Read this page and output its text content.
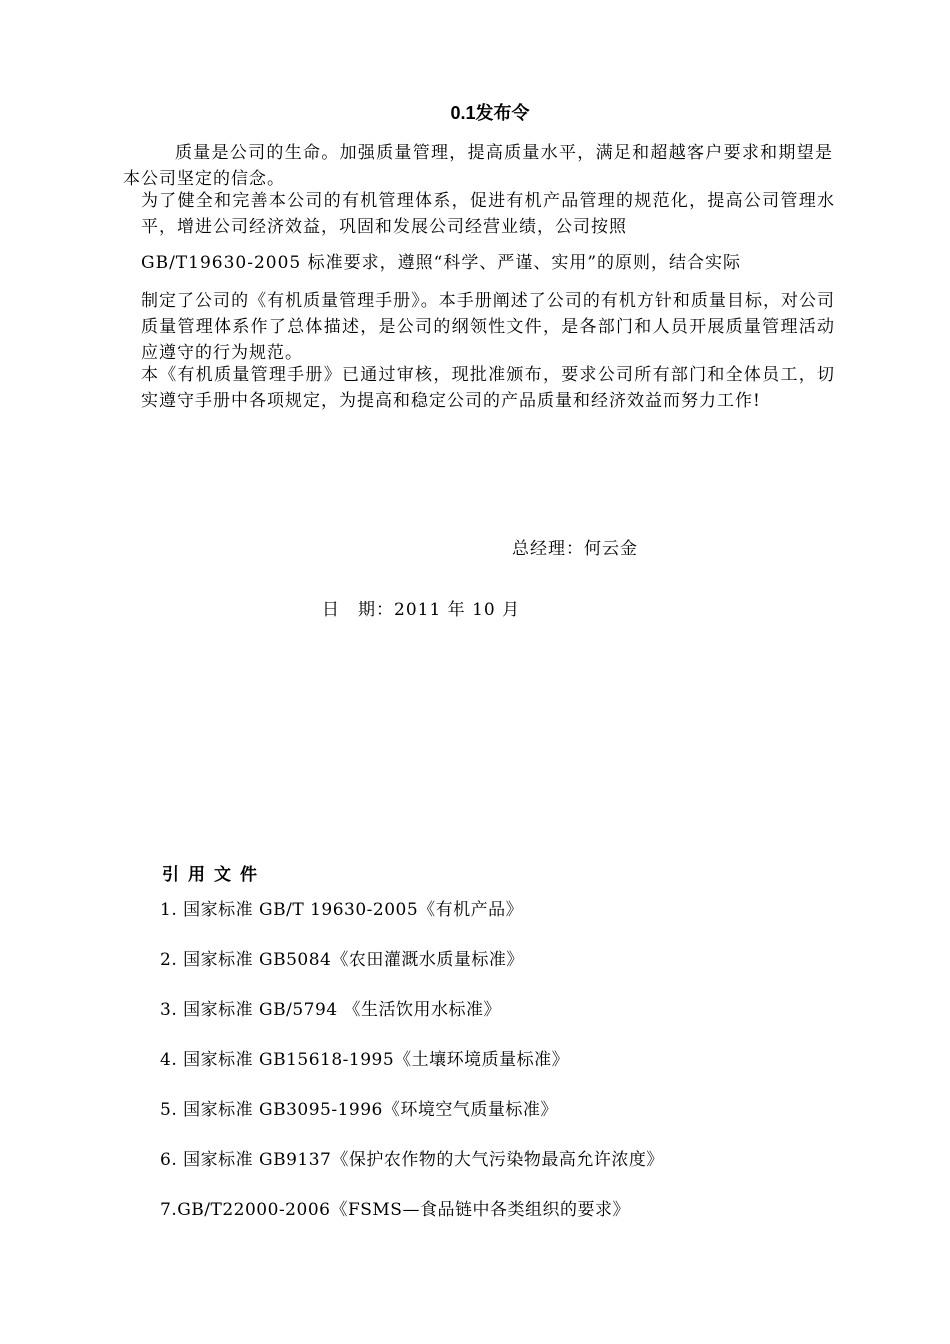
0.1发布令

质量是公司的生命。加强质量管理，提高质量水平，满足和超越客户要求和期望是本公司坚定的信念。

为了健全和完善本公司的有机管理体系，促进有机产品管理的规范化，提高公司管理水平，增进公司经济效益，巩固和发展公司经营业绩，公司按照

GB/T19630-2005 标准要求，遵照“科学、严谨、实用”的原则，结合实际

制定了公司的《有机质量管理手册》。本手册阐述了公司的有机方针和质量目标，对公司质量管理体系作了总体描述，是公司的纲领性文件，是各部门和人员开展质量管理活动应遵守的行为规范。

本《有机质量管理手册》已通过审核，现批准颁布，要求公司所有部门和全体员工，切实遵守手册中各项规定，为提高和稳定公司的产品质量和经济效益而努力工作!

总经理：何云金
日　期：2011 年 10 月
引用文件
1. 国家标准 GB/T 19630-2005《有机产品》
2. 国家标准 GB5084《农田灌溉水质量标准》
3. 国家标准 GB/5794 《生活饮用水标准》
4. 国家标准 GB15618-1995《土壤环境质量标准》
5. 国家标准 GB3095-1996《环境空气质量标准》
6. 国家标准 GB9137《保护农作物的大气污染物最高允许浓度》
7.GB/T22000-2006《FSMS—食品链中各类组织的要求》
